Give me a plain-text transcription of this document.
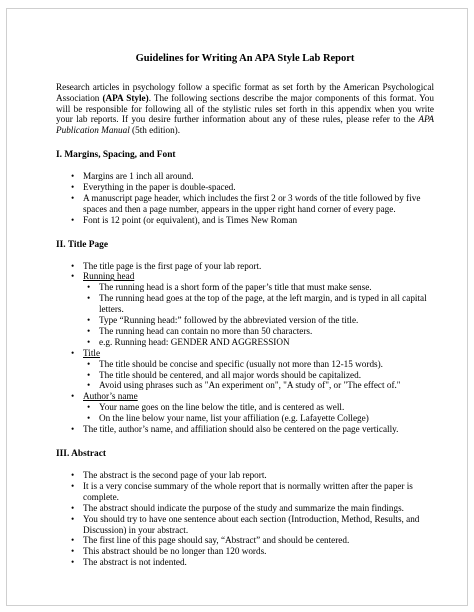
Guidelines for Writing An APA Style Lab Report

Research articles in psychology follow a specific format as set forth by the American Psychological Association (APA Style). The following sections describe the major components of this format. You will be responsible for following all of the stylistic rules set forth in this appendix when you write your lab reports. If you desire further information about any of these rules, please refer to the APA Publication Manual (5th edition).

I. Margins, Spacing, and Font
• Margins are 1 inch all around.
• Everything in the paper is double-spaced.
• A manuscript page header, which includes the first 2 or 3 words of the title followed by five spaces and then a page number, appears in the upper right hand corner of every page.
• Font is 12 point (or equivalent), and is Times New Roman
II. Title Page
• The title page is the first page of your lab report.
• Running head
• The running head is a short form of the paper’s title that must make sense.
• The running head goes at the top of the page, at the left margin, and is typed in all capital letters.
• Type “Running head:” followed by the abbreviated version of the title.
• The running head can contain no more than 50 characters.
• e.g. Running head: GENDER AND AGGRESSION
• Title
• The title should be concise and specific (usually not more than 12-15 words).
• The title should be centered, and all major words should be capitalized.
• Avoid using phrases such as "An experiment on", "A study of", or "The effect of."
• Author’s name
• Your name goes on the line below the title, and is centered as well.
• On the line below your name, list your affiliation (e.g. Lafayette College)
• The title, author’s name, and affiliation should also be centered on the page vertically.
III. Abstract
• The abstract is the second page of your lab report.
• It is a very concise summary of the whole report that is normally written after the paper is complete.
• The abstract should indicate the purpose of the study and summarize the main findings.
• You should try to have one sentence about each section (Introduction, Method, Results, and Discussion) in your abstract.
• The first line of this page should say, “Abstract” and should be centered.
• This abstract should be no longer than 120 words.
• The abstract is not indented.
